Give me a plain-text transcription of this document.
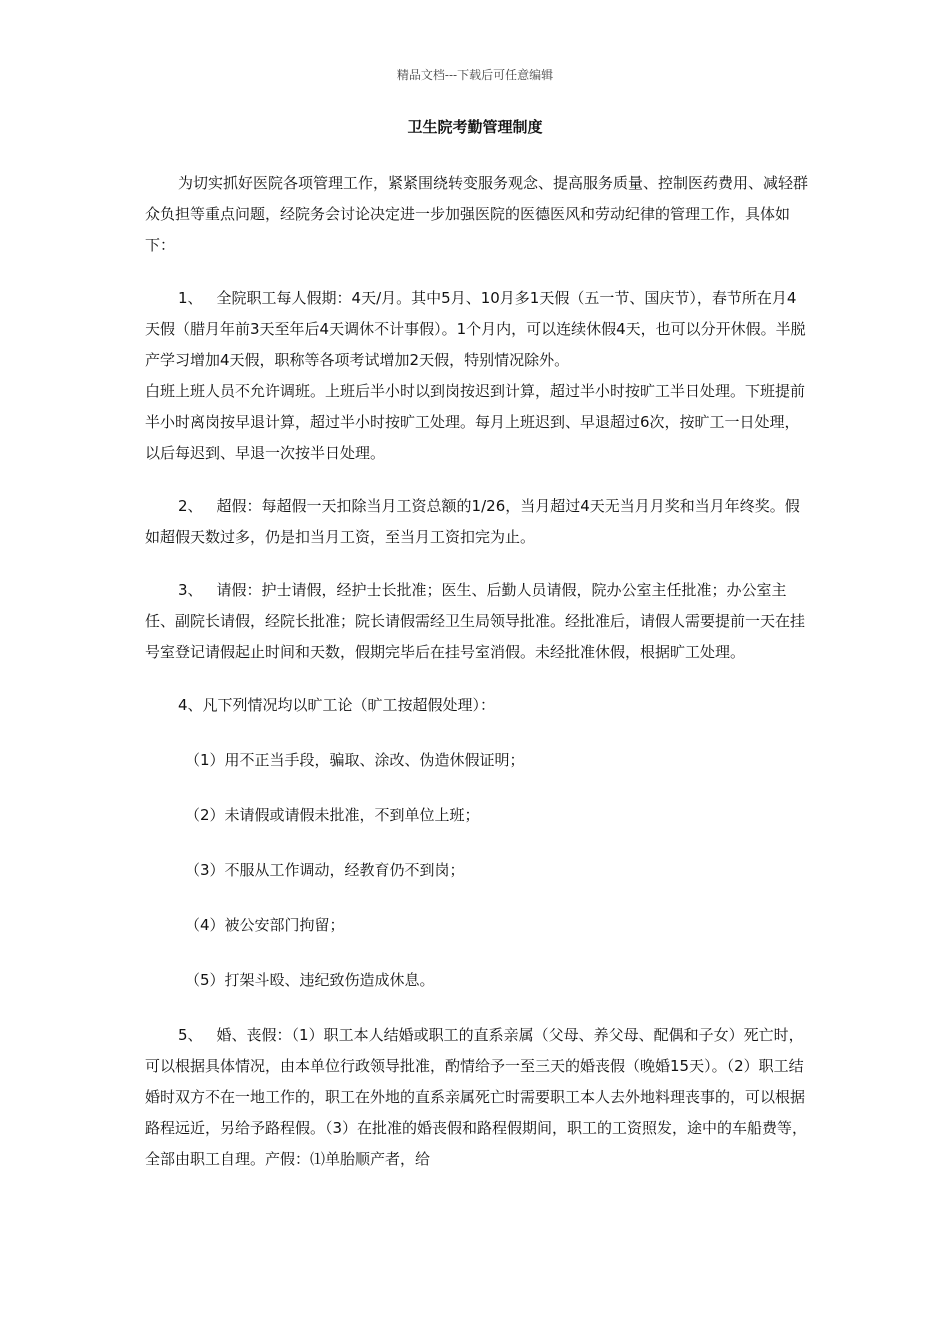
精品文档---下载后可任意编辑
卫生院考勤管理制度

为切实抓好医院各项管理工作，紧紧围绕转变服务观念、提高服务质量、控制医药费用、减轻群众负担等重点问题，经院务会讨论决定进一步加强医院的医德医风和劳动纪律的管理工作，具体如下：

1、 全院职工每人假期：4天/月。其中5月、10月多1天假（五一节、国庆节），春节所在月4天假（腊月年前3天至年后4天调休不计事假）。1个月内，可以连续休假4天，也可以分开休假。半脱产学习增加4天假，职称等各项考试增加2天假，特别情况除外。

白班上班人员不允许调班。上班后半小时以到岗按迟到计算，超过半小时按旷工半日处理。下班提前半小时离岗按早退计算，超过半小时按旷工处理。每月上班迟到、早退超过6次，按旷工一日处理，以后每迟到、早退一次按半日处理。

2、 超假：每超假一天扣除当月工资总额的1/26，当月超过4天无当月月奖和当月年终奖。假如超假天数过多，仍是扣当月工资，至当月工资扣完为止。

3、 请假：护士请假，经护士长批准；医生、后勤人员请假，院办公室主任批准；办公室主任、副院长请假，经院长批准；院长请假需经卫生局领导批准。经批准后，请假人需要提前一天在挂号室登记请假起止时间和天数，假期完毕后在挂号室消假。未经批准休假，根据旷工处理。

4、凡下列情况均以旷工论（旷工按超假处理）：

（1）用不正当手段，骗取、涂改、伪造休假证明；

（2）未请假或请假未批准，不到单位上班；

（3）不服从工作调动，经教育仍不到岗；

（4）被公安部门拘留；

（5）打架斗殴、违纪致伤造成休息。

5、 婚、丧假：（1）职工本人结婚或职工的直系亲属（父母、养父母、配偶和子女）死亡时，可以根据具体情况，由本单位行政领导批准，酌情给予一至三天的婚丧假（晚婚15天）。（2）职工结婚时双方不在一地工作的，职工在外地的直系亲属死亡时需要职工本人去外地料理丧事的，可以根据路程远近，另给予路程假。（3）在批准的婚丧假和路程假期间，职工的工资照发，途中的车船费等，全部由职工自理。产假：⑴单胎顺产者，给
